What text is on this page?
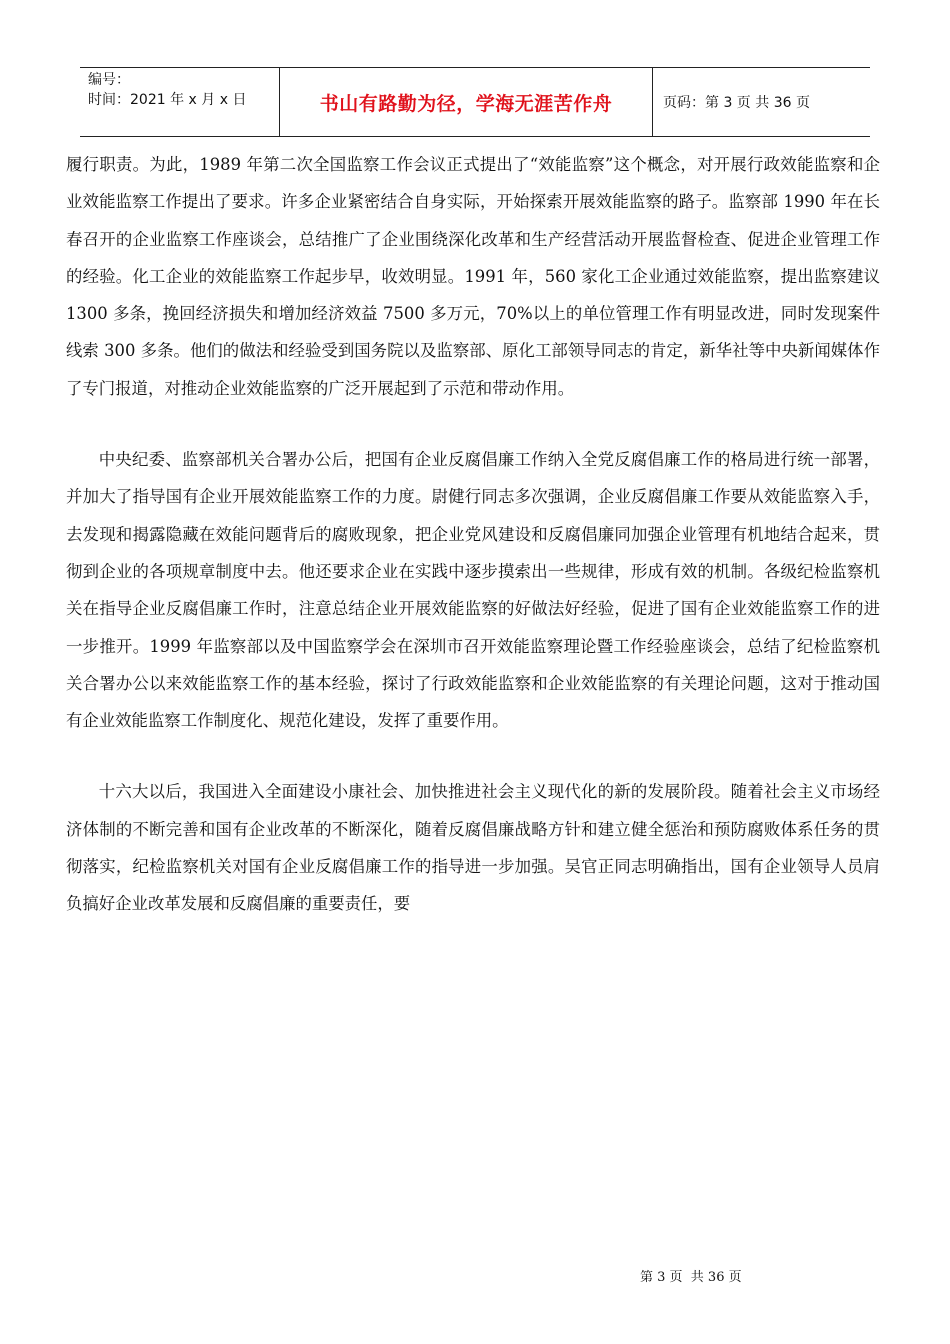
编号：
时间：2021 年 x 月 x 日	书山有路勤为径，学海无涯苦作舟	页码：第 3 页 共 36 页

履行职责。为此，1989 年第二次全国监察工作会议正式提出了“效能监察”这个概念，对开展行政效能监察和企业效能监察工作提出了要求。许多企业紧密结合自身实际，开始探索开展效能监察的路子。监察部 1990 年在长春召开的企业监察工作座谈会，总结推广了企业围绕深化改革和生产经营活动开展监督检查、促进企业管理工作的经验。化工企业的效能监察工作起步早，收效明显。1991 年，560 家化工企业通过效能监察，提出监察建议 1300 多条，挽回经济损失和增加经济效益 7500 多万元，70%以上的单位管理工作有明显改进，同时发现案件线索 300 多条。他们的做法和经验受到国务院以及监察部、原化工部领导同志的肯定，新华社等中央新闻媒体作了专门报道，对推动企业效能监察的广泛开展起到了示范和带动作用。

中央纪委、监察部机关合署办公后，把国有企业反腐倡廉工作纳入全党反腐倡廉工作的格局进行统一部署，并加大了指导国有企业开展效能监察工作的力度。尉健行同志多次强调，企业反腐倡廉工作要从效能监察入手，去发现和揭露隐藏在效能问题背后的腐败现象，把企业党风建设和反腐倡廉同加强企业管理有机地结合起来，贯彻到企业的各项规章制度中去。他还要求企业在实践中逐步摸索出一些规律，形成有效的机制。各级纪检监察机关在指导企业反腐倡廉工作时，注意总结企业开展效能监察的好做法好经验，促进了国有企业效能监察工作的进一步推开。1999 年监察部以及中国监察学会在深圳市召开效能监察理论暨工作经验座谈会，总结了纪检监察机关合署办公以来效能监察工作的基本经验，探讨了行政效能监察和企业效能监察的有关理论问题，这对于推动国有企业效能监察工作制度化、规范化建设，发挥了重要作用。

十六大以后，我国进入全面建设小康社会、加快推进社会主义现代化的新的发展阶段。随着社会主义市场经济体制的不断完善和国有企业改革的不断深化，随着反腐倡廉战略方针和建立健全惩治和预防腐败体系任务的贯彻落实，纪检监察机关对国有企业反腐倡廉工作的指导进一步加强。吴官正同志明确指出，国有企业领导人员肩负搞好企业改革发展和反腐倡廉的重要责任，要

第 3 页  共 36 页
